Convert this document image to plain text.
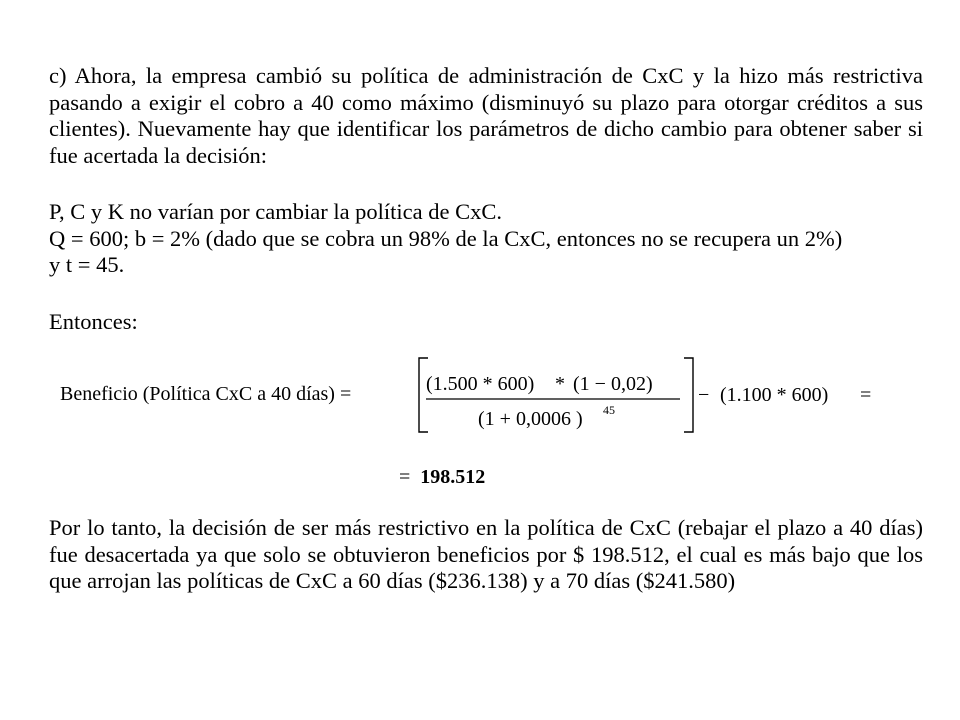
c) Ahora, la empresa cambió su política de administración de CxC y la hizo más restrictiva pasando a exigir el cobro a 40 como máximo (disminuyó su plazo para otorgar créditos a sus clientes). Nuevamente hay que identificar los parámetros de dicho cambio para obtener saber si fue acertada la decisión:

P, C y K no varían por cambiar la política de CxC.

Q = 600; b = 2% (dado que se cobra un 98% de la CxC, entonces no se recupera un 2%)

y t = 45.

Entonces:

Beneficio (Política CxC a 40 días) =	(1.500 * 600) * (1 − 0,02)
(1 + 0,0006 ) 45
− (1.100 * 600) =
= 198.512

Por lo tanto, la decisión de ser más restrictivo en la política de CxC (rebajar el plazo a 40 días) fue desacertada ya que solo se obtuvieron beneficios por $ 198.512, el cual es más bajo que los que arrojan las políticas de CxC a 60 días ($236.138) y a 70 días ($241.580)
